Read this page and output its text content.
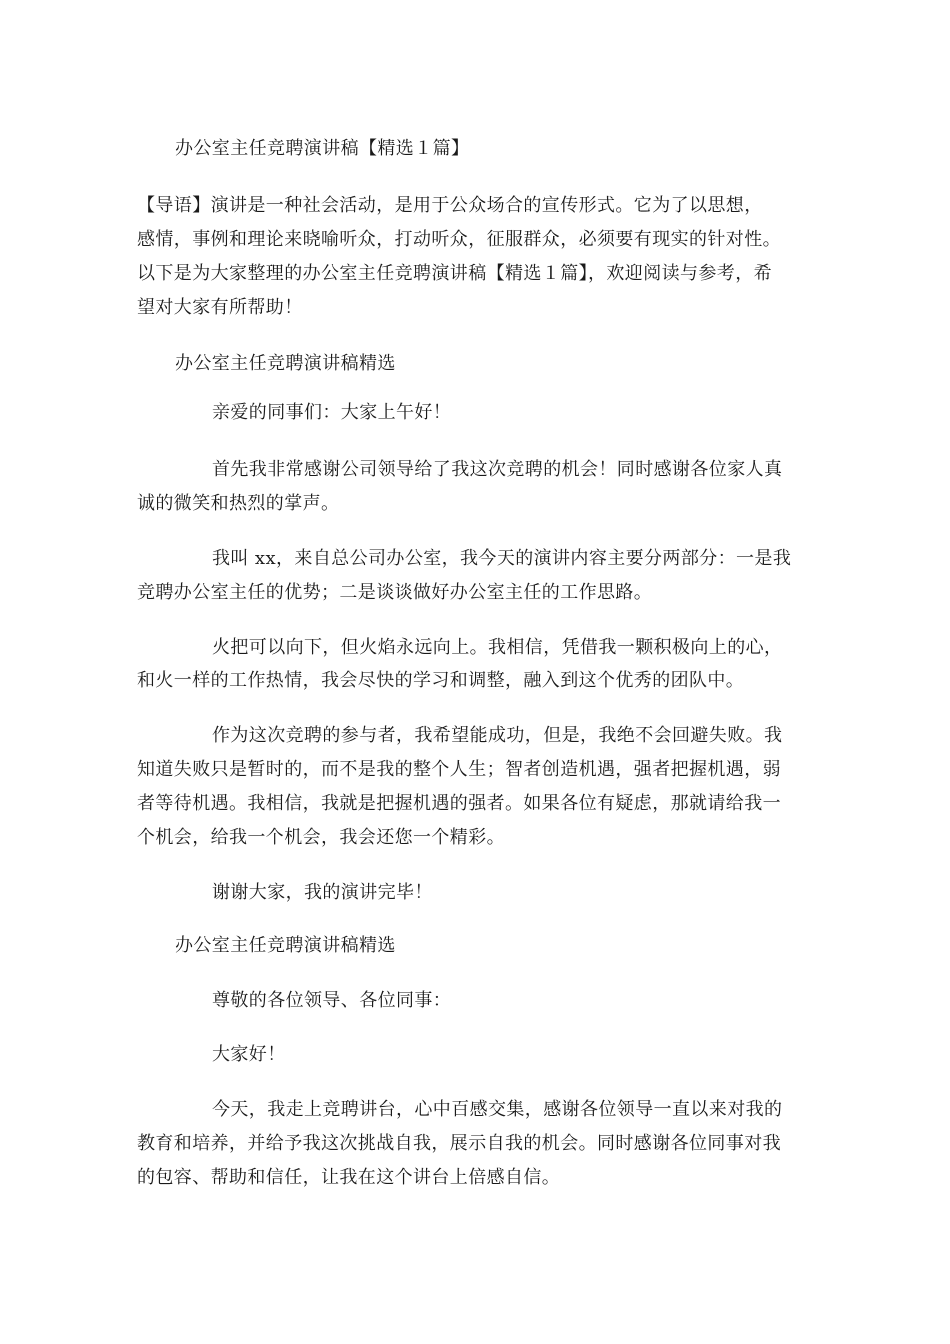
办公室主任竞聘演讲稿【精选１篇】
【导语】演讲是一种社会活动，是用于公众场合的宣传形式。它为了以思想，
感情，事例和理论来晓喻听众，打动听众，征服群众，必须要有现实的针对性。
以下是为大家整理的办公室主任竞聘演讲稿【精选１篇】，欢迎阅读与参考，希
望对大家有所帮助！
办公室主任竞聘演讲稿精选
亲爱的同事们：大家上午好！
首先我非常感谢公司领导给了我这次竞聘的机会！同时感谢各位家人真
诚的微笑和热烈的掌声。
我叫 xx，来自总公司办公室，我今天的演讲内容主要分两部分：一是我
竞聘办公室主任的优势；二是谈谈做好办公室主任的工作思路。
火把可以向下，但火焰永远向上。我相信，凭借我一颗积极向上的心，
和火一样的工作热情，我会尽快的学习和调整，融入到这个优秀的团队中。
作为这次竞聘的参与者，我希望能成功，但是，我绝不会回避失败。我
知道失败只是暂时的，而不是我的整个人生；智者创造机遇，强者把握机遇，弱
者等待机遇。我相信，我就是把握机遇的强者。如果各位有疑虑，那就请给我一
个机会，给我一个机会，我会还您一个精彩。
谢谢大家，我的演讲完毕！
办公室主任竞聘演讲稿精选
尊敬的各位领导、各位同事：
大家好！
今天，我走上竞聘讲台，心中百感交集，感谢各位领导一直以来对我的
教育和培养，并给予我这次挑战自我，展示自我的机会。同时感谢各位同事对我
的包容、帮助和信任，让我在这个讲台上倍感自信。
